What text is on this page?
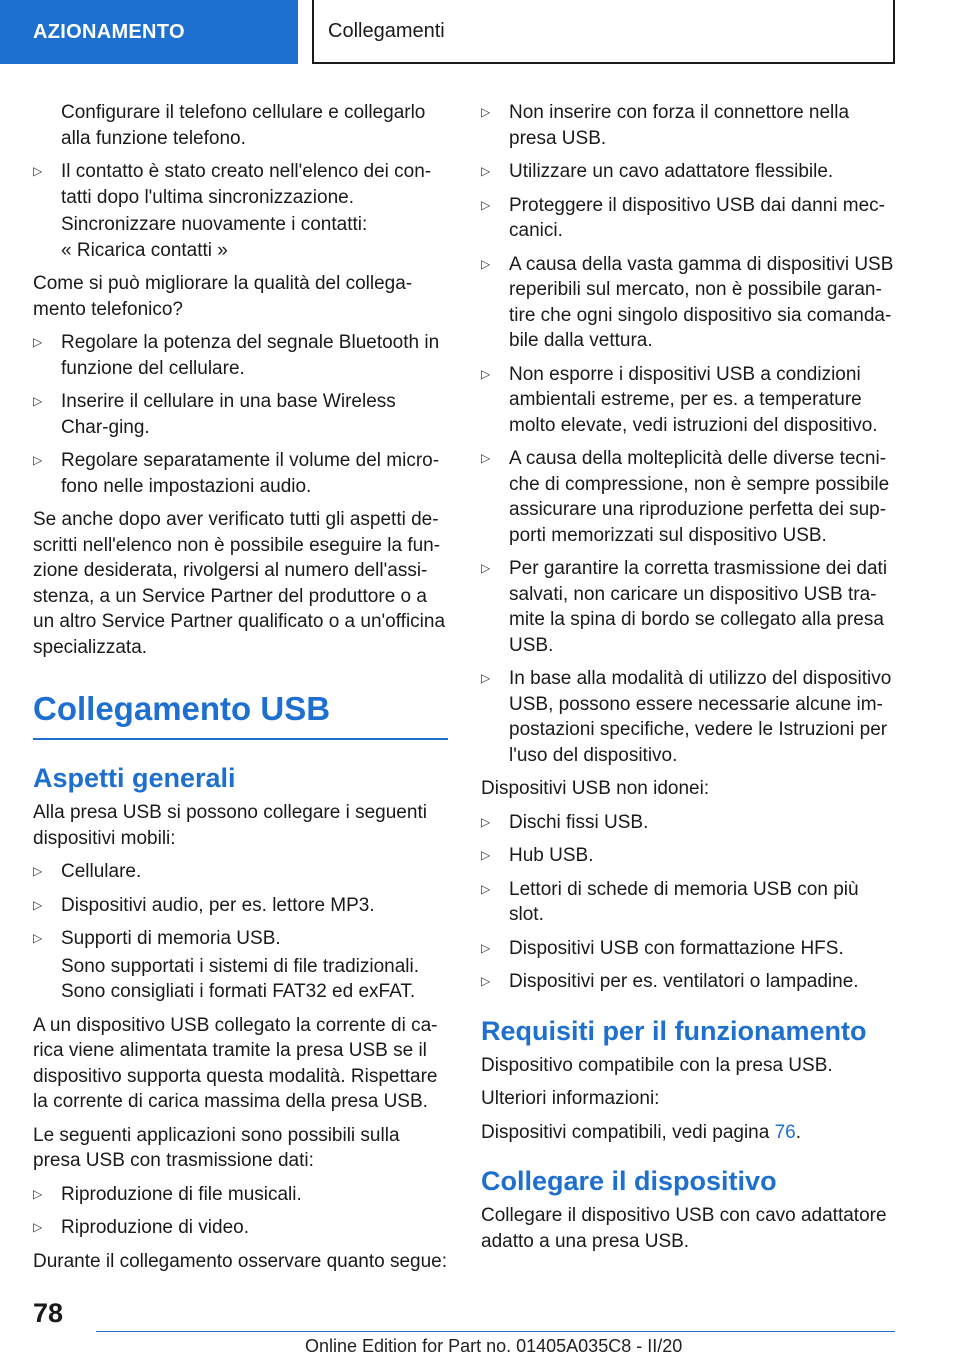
AZIONAMENTO	Collegamenti

Configurare il telefono cellulare e collegarlo alla funzione telefono.

▷ Il contatto è stato creato nell'elenco dei con-tatti dopo l'ultima sincronizzazione.

Sincronizzare nuovamente i contatti:

« Ricarica contatti »

Come si può migliorare la qualità del collega-mento telefonico?

▷ Regolare la potenza del segnale Bluetooth in funzione del cellulare.
▷ Inserire il cellulare in una base Wireless Char-ging.
▷ Regolare separatamente il volume del micro-fono nelle impostazioni audio.

Se anche dopo aver verificato tutti gli aspetti de-scritti nell'elenco non è possibile eseguire la fun-zione desiderata, rivolgersi al numero dell'assi-stenza, a un Service Partner del produttore o a un altro Service Partner qualificato o a un'officina specializzata.

Collegamento USB
Aspetti generali

Alla presa USB si possono collegare i seguenti dispositivi mobili:

▷ Cellulare.
▷ Dispositivi audio, per es. lettore MP3.
▷ Supporti di memoria USB.

Sono supportati i sistemi di file tradizionali.

Sono consigliati i formati FAT32 ed exFAT.

A un dispositivo USB collegato la corrente di ca-rica viene alimentata tramite la presa USB se il dispositivo supporta questa modalità. Rispettare la corrente di carica massima della presa USB.

Le seguenti applicazioni sono possibili sulla presa USB con trasmissione dati:

▷ Riproduzione di file musicali.
▷ Riproduzione di video.

Durante il collegamento osservare quanto segue:

▷ Non inserire con forza il connettore nella presa USB.
▷ Utilizzare un cavo adattatore flessibile.
▷ Proteggere il dispositivo USB dai danni mec-canici.
▷ A causa della vasta gamma di dispositivi USB reperibili sul mercato, non è possibile garan-tire che ogni singolo dispositivo sia comanda-bile dalla vettura.
▷ Non esporre i dispositivi USB a condizioni ambientali estreme, per es. a temperature molto elevate, vedi istruzioni del dispositivo.
▷ A causa della molteplicità delle diverse tecni-che di compressione, non è sempre possibile assicurare una riproduzione perfetta dei sup-porti memorizzati sul dispositivo USB.
▷ Per garantire la corretta trasmissione dei dati salvati, non caricare un dispositivo USB tra-mite la spina di bordo se collegato alla presa USB.
▷ In base alla modalità di utilizzo del dispositivo USB, possono essere necessarie alcune im-postazioni specifiche, vedere le Istruzioni per l'uso del dispositivo.

Dispositivi USB non idonei:

▷ Dischi fissi USB.
▷ Hub USB.
▷ Lettori di schede di memoria USB con più slot.
▷ Dispositivi USB con formattazione HFS.
▷ Dispositivi per es. ventilatori o lampadine.
Requisiti per il funzionamento

Dispositivo compatibile con la presa USB.

Ulteriori informazioni:

Dispositivi compatibili, vedi pagina 76.

Collegare il dispositivo

Collegare il dispositivo USB con cavo adattatore adatto a una presa USB.

78
Online Edition for Part no. 01405A035C8 - II/20
